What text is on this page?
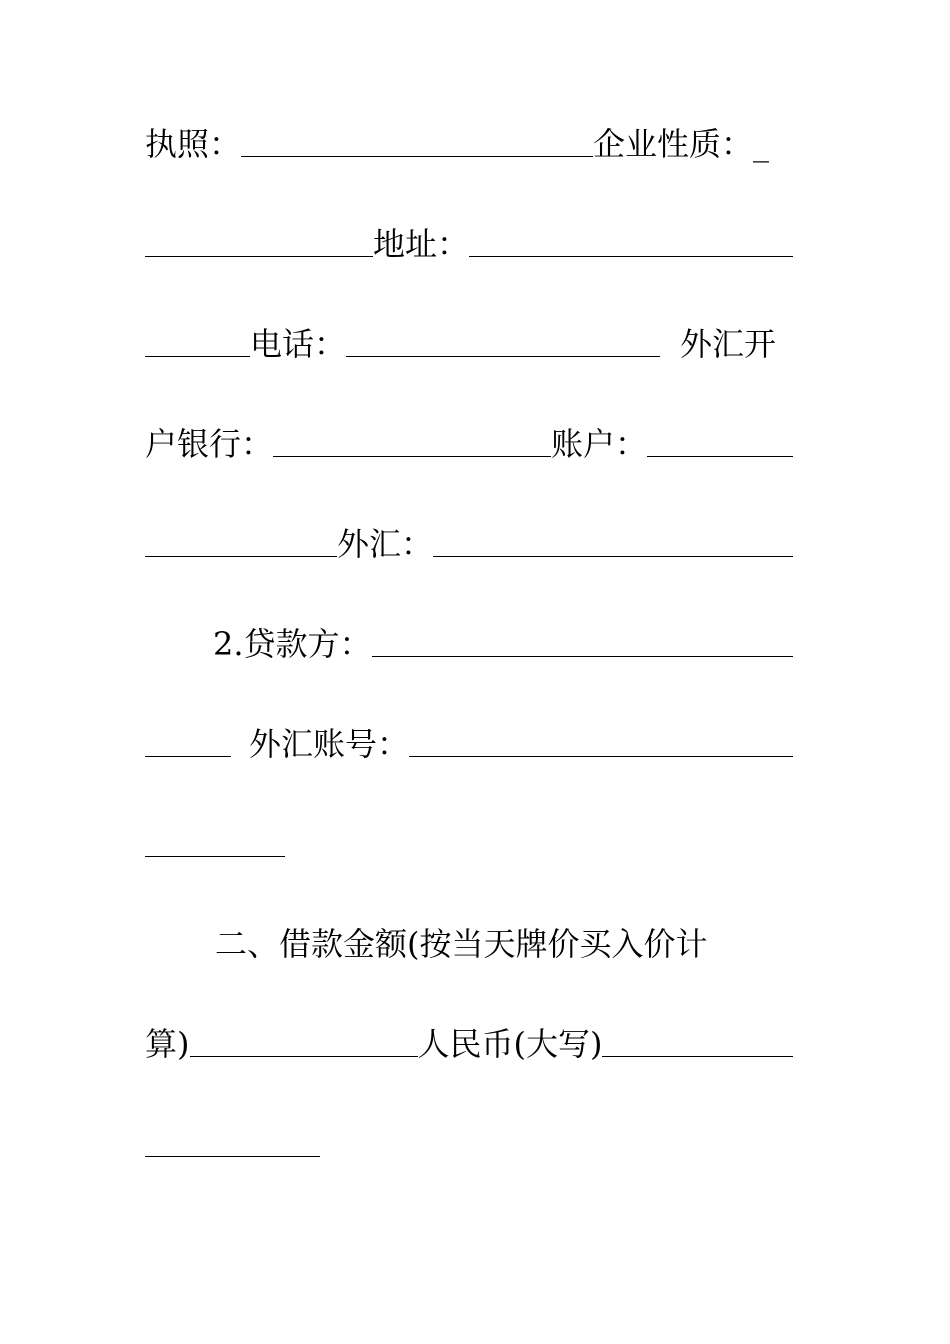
执照：	企业性质： _
地址：
电话：	外汇开
户银行：	账户：
外汇：
2.贷款方：
外汇账号：
二、借款金额(按当天牌价买入价计
算)	人民币(大写)
